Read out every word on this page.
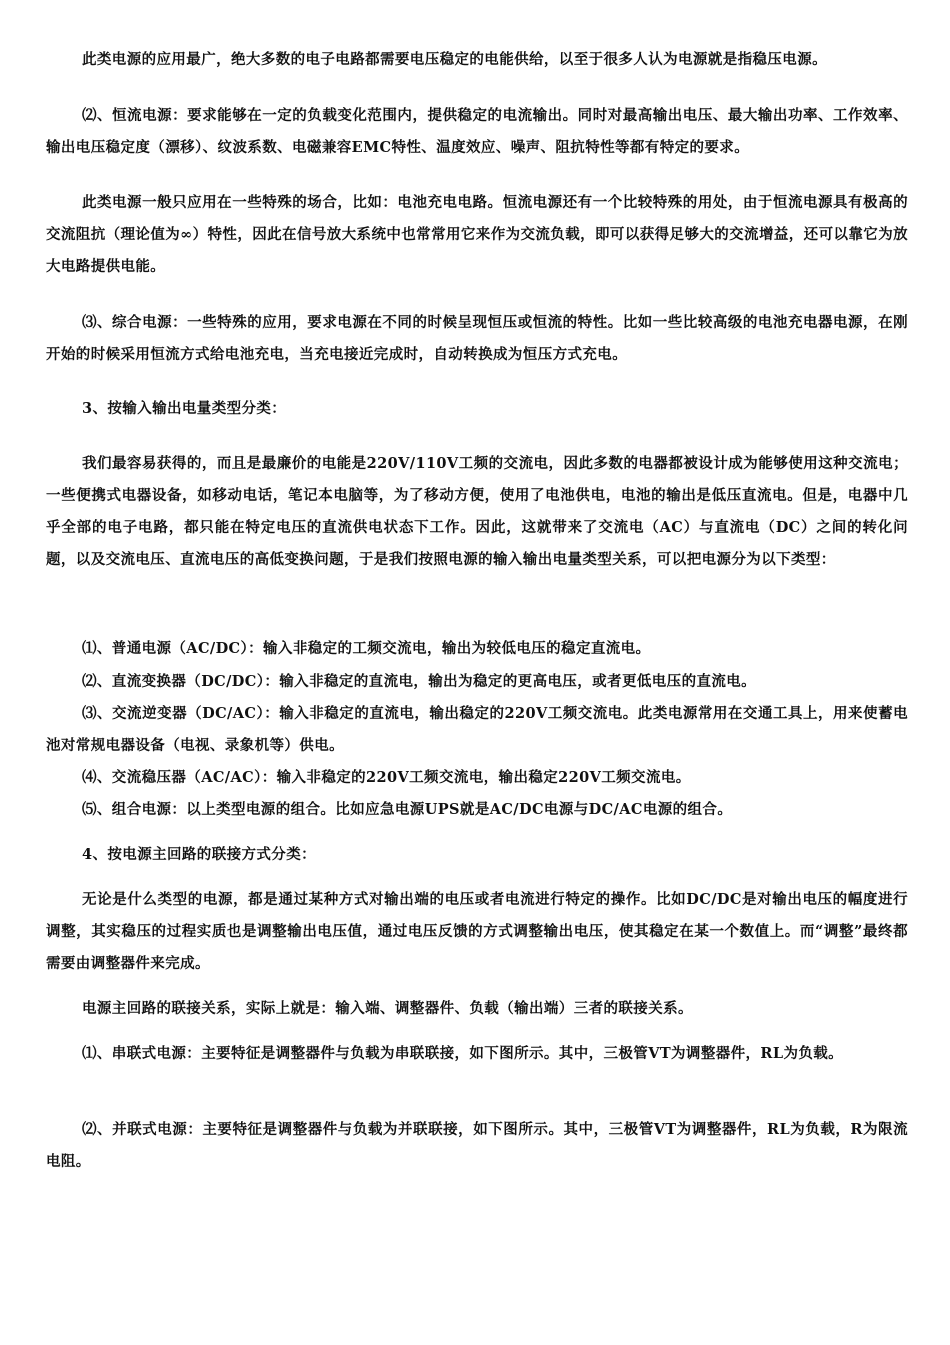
此类电源的应用最广，绝大多数的电子电路都需要电压稳定的电能供给，以至于很多人认为电源就是指稳压电源。

⑵、恒流电源：要求能够在一定的负载变化范围内，提供稳定的电流输出。同时对最高输出电压、最大输出功率、工作效率、输出电压稳定度（漂移）、纹波系数、电磁兼容EMC特性、温度效应、噪声、阻抗特性等都有特定的要求。

此类电源一般只应用在一些特殊的场合，比如：电池充电电路。恒流电源还有一个比较特殊的用处，由于恒流电源具有极高的交流阻抗（理论值为∞）特性，因此在信号放大系统中也常常用它来作为交流负载，即可以获得足够大的交流增益，还可以靠它为放大电路提供电能。

⑶、综合电源：一些特殊的应用，要求电源在不同的时候呈现恒压或恒流的特性。比如一些比较高级的电池充电器电源，在刚开始的时候采用恒流方式给电池充电，当充电接近完成时，自动转换成为恒压方式充电。

3、按输入输出电量类型分类：

我们最容易获得的，而且是最廉价的电能是220V/110V工频的交流电，因此多数的电器都被设计成为能够使用这种交流电；一些便携式电器设备，如移动电话，笔记本电脑等，为了移动方便，使用了电池供电，电池的输出是低压直流电。但是，电器中几乎全部的电子电路，都只能在特定电压的直流供电状态下工作。因此，这就带来了交流电（AC）与直流电（DC）之间的转化问题，以及交流电压、直流电压的高低变换问题，于是我们按照电源的输入输出电量类型关系，可以把电源分为以下类型：

⑴、普通电源（AC/DC）：输入非稳定的工频交流电，输出为较低电压的稳定直流电。

⑵、直流变换器（DC/DC）：输入非稳定的直流电，输出为稳定的更高电压，或者更低电压的直流电。

⑶、交流逆变器（DC/AC）：输入非稳定的直流电，输出稳定的220V工频交流电。此类电源常用在交通工具上，用来使蓄电池对常规电器设备（电视、录象机等）供电。

⑷、交流稳压器（AC/AC）：输入非稳定的220V工频交流电，输出稳定220V工频交流电。

⑸、组合电源：以上类型电源的组合。比如应急电源UPS就是AC/DC电源与DC/AC电源的组合。

4、按电源主回路的联接方式分类：

无论是什么类型的电源，都是通过某种方式对输出端的电压或者电流进行特定的操作。比如DC/DC是对输出电压的幅度进行调整，其实稳压的过程实质也是调整输出电压值，通过电压反馈的方式调整输出电压，使其稳定在某一个数值上。而“调整”最终都需要由调整器件来完成。

电源主回路的联接关系，实际上就是：输入端、调整器件、负载（输出端）三者的联接关系。

⑴、串联式电源：主要特征是调整器件与负载为串联联接，如下图所示。其中，三极管VT为调整器件，RL为负载。

⑵、并联式电源：主要特征是调整器件与负载为并联联接，如下图所示。其中，三极管VT为调整器件，RL为负载，R为限流电阻。
